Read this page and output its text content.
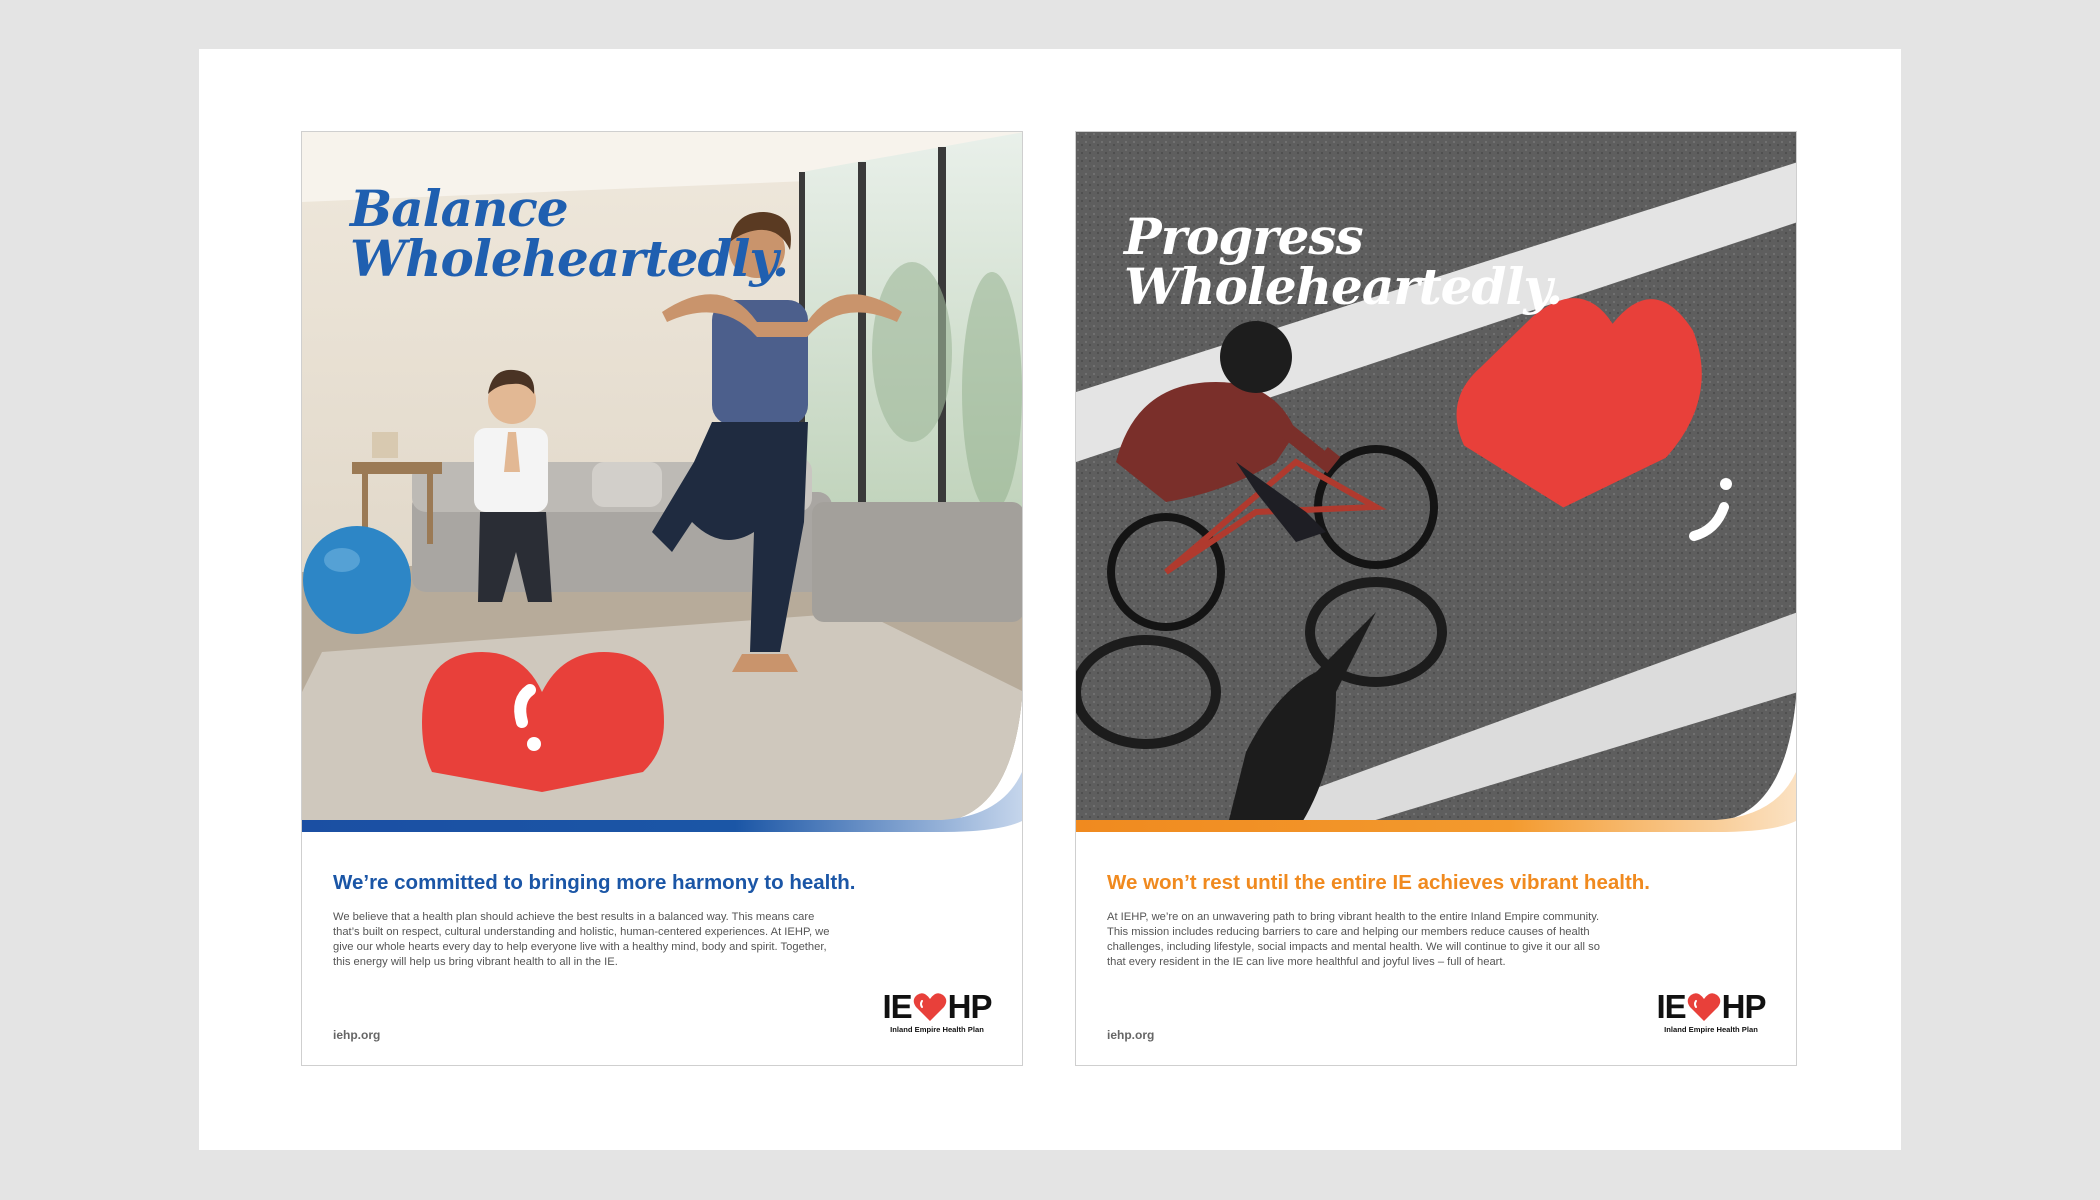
Balance
Wholeheartedly.
We’re committed to bringing more harmony to health.
We believe that a health plan should achieve the best results in a balanced way. This means care that’s built on respect, cultural understanding and holistic, human-centered experiences. At IEHP, we give our whole hearts every day to help everyone live with a healthy mind, body and spirit. Together, this energy will help us bring vibrant health to all in the IE.
iehp.org
IE HP
Inland Empire Health Plan
Progress Wholeheartedly.
We won’t rest until the entire IE achieves vibrant health.
At IEHP, we’re on an unwavering path to bring vibrant health to the entire Inland Empire community. This mission includes reducing barriers to care and helping our members reduce causes of health challenges, including lifestyle, social impacts and mental health. We will continue to give it our all so that every resident in the IE can live more healthful and joyful lives – full of heart.
iehp.org
IE HP
Inland Empire Health Plan
